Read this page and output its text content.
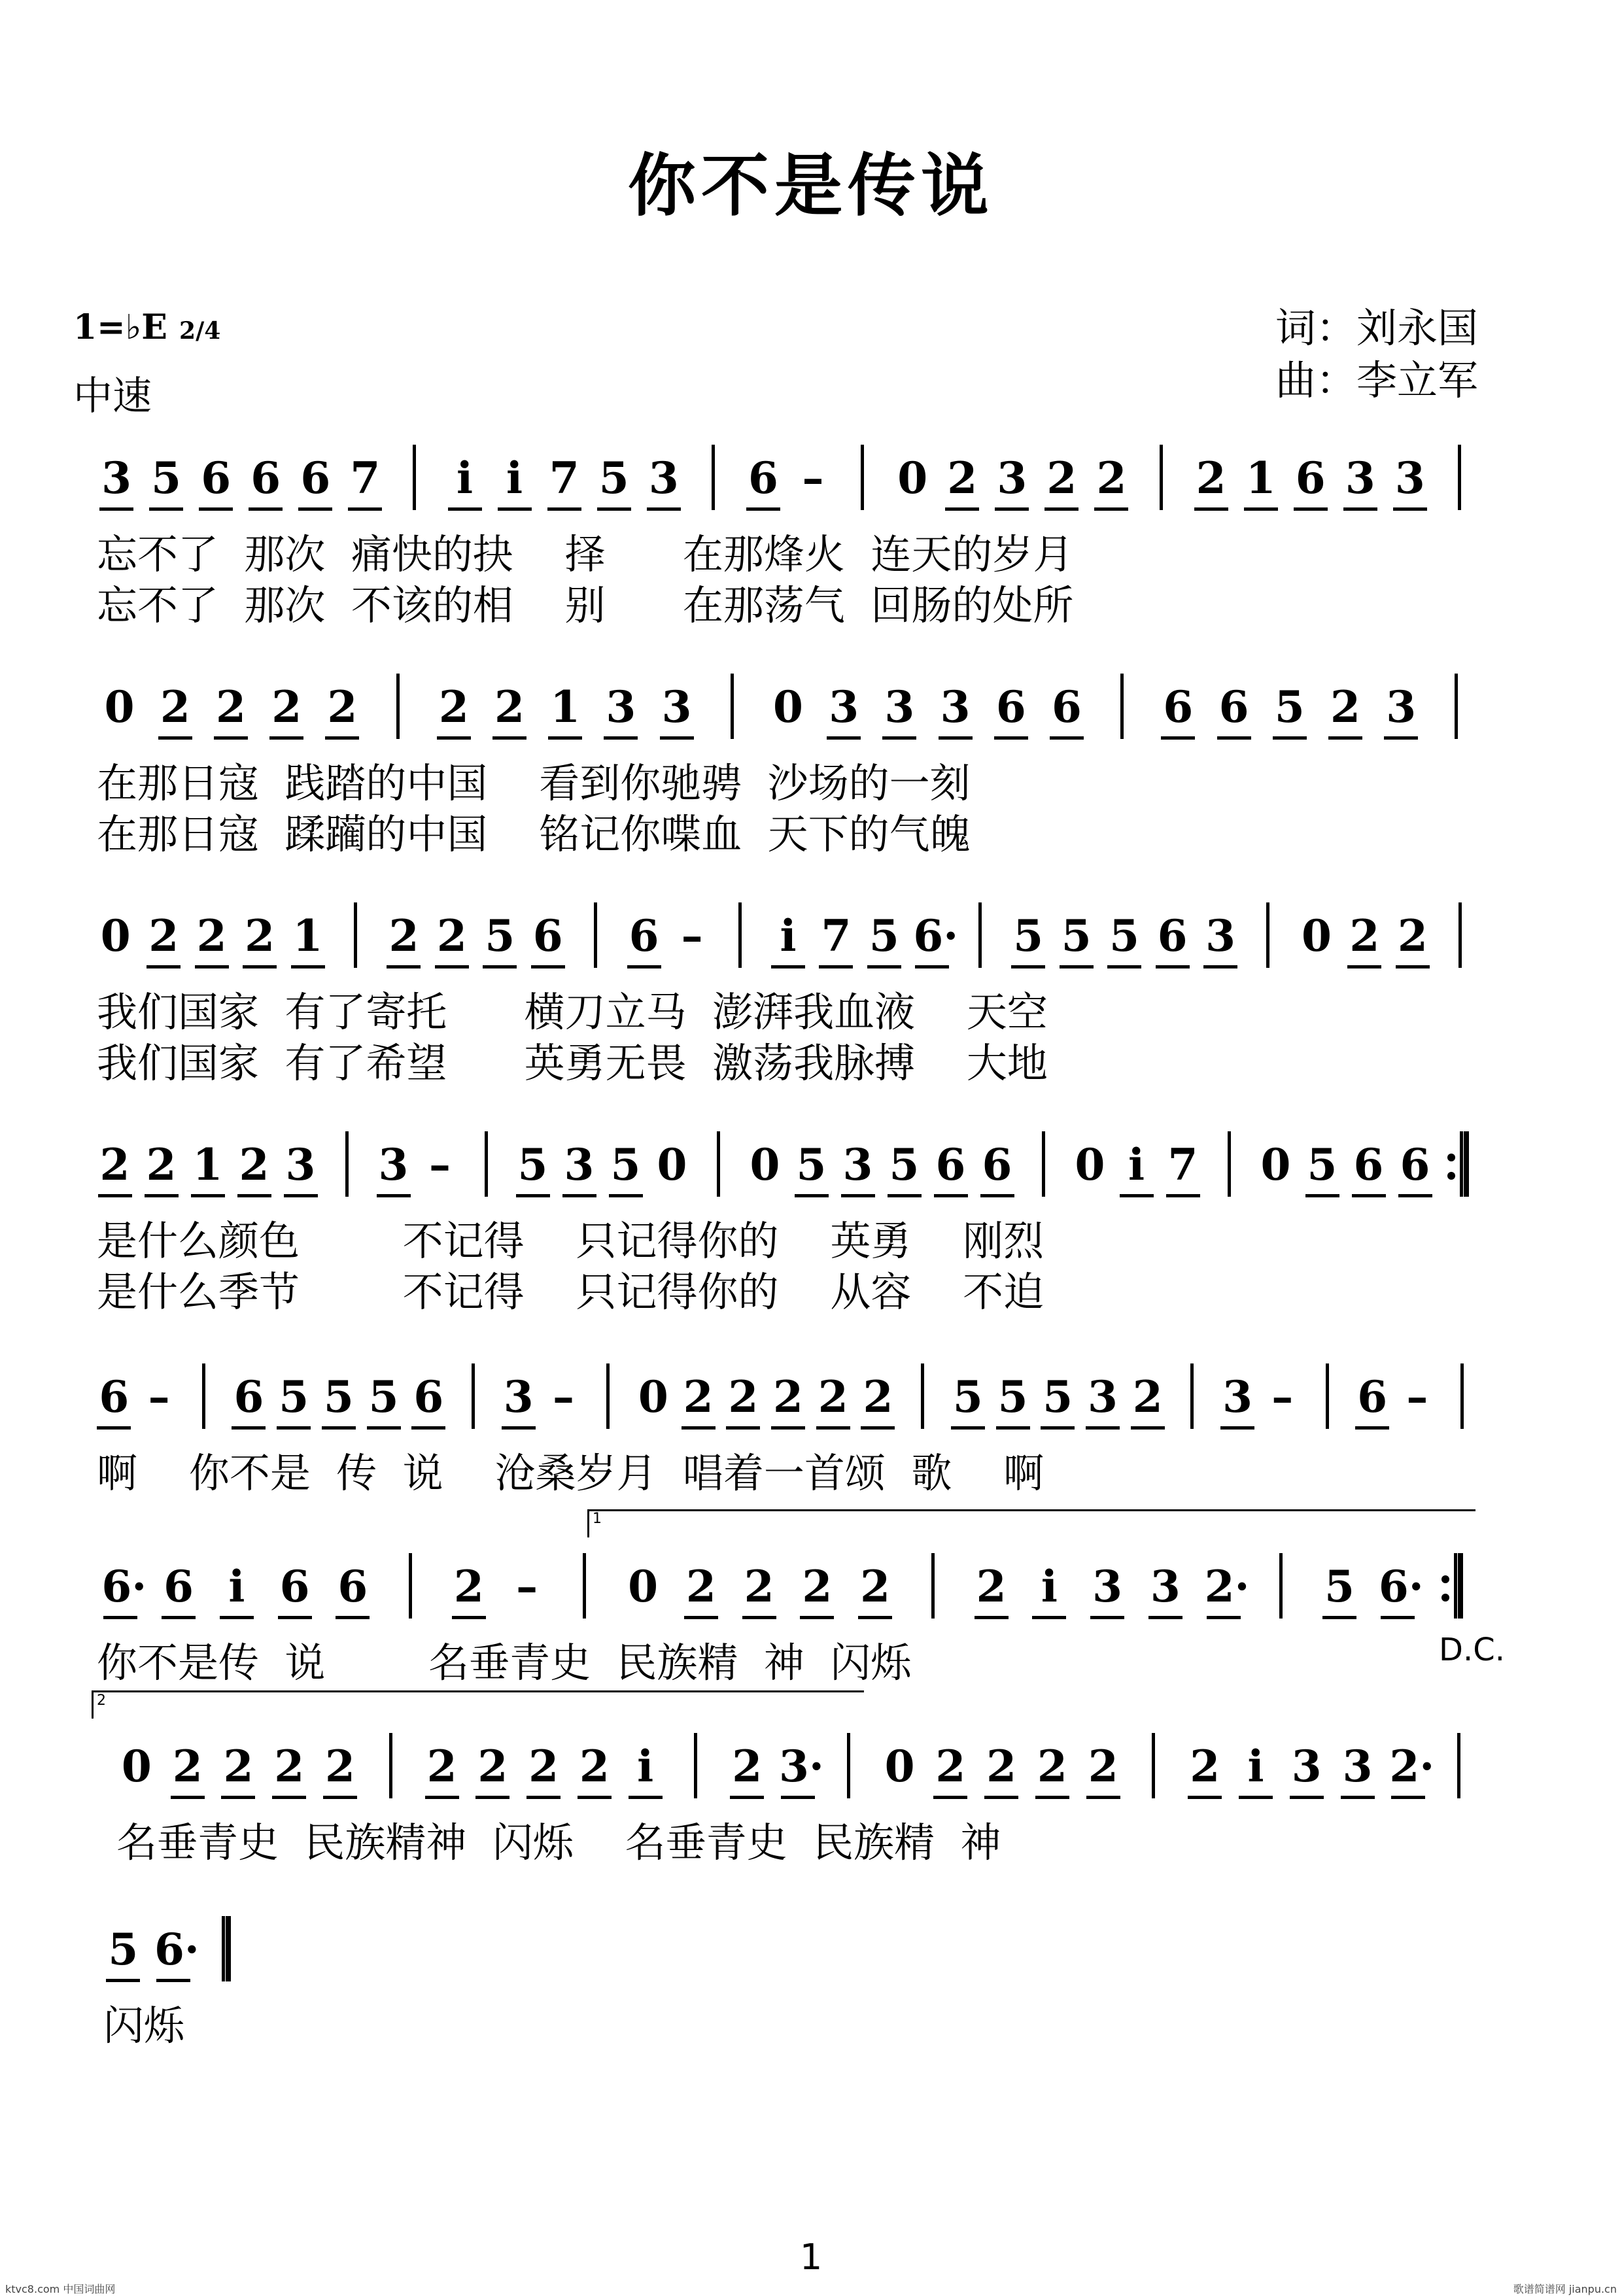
你不是传说
1=♭E 2/4
中速
词：刘永国
曲：李立军
3 5 6 6 6 7 i i 7 5 3 6 – 0 2 3 2 2 2 1 6 3 3
忘不了  那次  痛快的抉    择      在那烽火  连天的岁月
忘不了  那次  不该的相    别      在那荡气  回肠的处所
0 2 2 2 2 2 2 1 3 3 0 3 3 3 6 6 6 6 5 2 3
在那日寇  践踏的中国    看到你驰骋  沙场的一刻
在那日寇  蹂躏的中国    铭记你喋血  天下的气魄
0 2 2 2 1 2 2 5 6 6 – i 7 5 6· 5 5 5 6 3 0 2 2
我们国家  有了寄托      横刀立马  澎湃我血液    天空
我们国家  有了希望      英勇无畏  激荡我脉搏    大地
2 2 1 2 3 3 – 5 3 5 0 0 5 3 5 6 6 0 i 7 0 5 6 6
是什么颜色        不记得    只记得你的    英勇    刚烈
是什么季节        不记得    只记得你的    从容    不迫
6 – 6 5 5 5 6 3 – 0 2 2 2 2 2 5 5 5 3 2 3 – 6 –
啊    你不是  传  说    沧桑岁月  唱着一首颂  歌    啊
6· 6 i 6 6 2 – 0 2 2 2 2 2 i 3 3 2· 5 6·
你不是传  说        名垂青史  民族精  神  闪烁
0 2 2 2 2 2 2 2 2 i 2 3· 0 2 2 2 2 2 i 3 3 2·
名垂青史  民族精神  闪烁    名垂青史  民族精  神
5 6·
闪烁
D.C.
1
2
1
ktvc8.com 中国词曲网	歌谱简谱网 jianpu.cn
